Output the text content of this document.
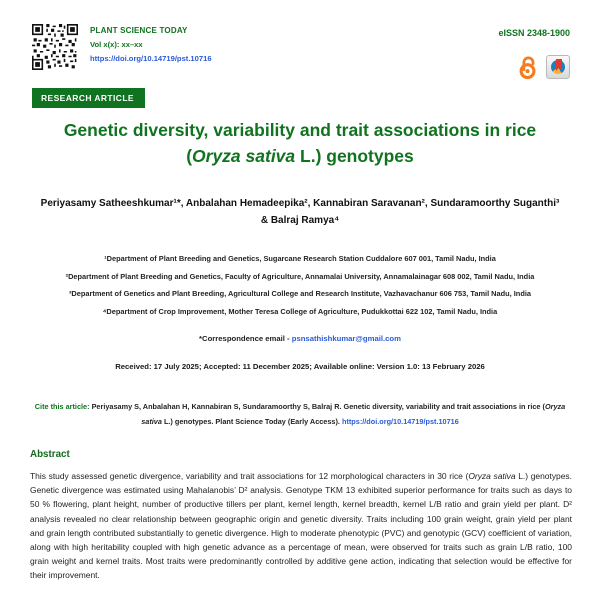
PLANT SCIENCE TODAY
Vol x(x): xx–xx
https://doi.org/10.14719/pst.10716
eISSN 2348-1900
RESEARCH ARTICLE
Genetic diversity, variability and trait associations in rice
(Oryza sativa L.) genotypes
Periyasamy Satheeshkumar¹*, Anbalahan Hemadeepika², Kannabiran Saravanan², Sundaramoorthy Suganthi³ & Balraj Ramya⁴
¹Department of Plant Breeding and Genetics, Sugarcane Research Station Cuddalore 607 001, Tamil Nadu, India
²Department of Plant Breeding and Genetics, Faculty of Agriculture, Annamalai University, Annamalainagar 608 002, Tamil Nadu, India
³Department of Genetics and Plant Breeding, Agricultural College and Research Institute, Vazhavachanur 606 753, Tamil Nadu, India
⁴Department of Crop Improvement, Mother Teresa College of Agriculture, Pudukkottai 622 102, Tamil Nadu, India
*Correspondence email - psnsathishkumar@gmail.com
Received: 17 July 2025; Accepted: 11 December 2025; Available online: Version 1.0: 13 February 2026
Cite this article: Periyasamy S, Anbalahan H, Kannabiran S, Sundaramoorthy S, Balraj R. Genetic diversity, variability and trait associations in rice (Oryza sativa L.) genotypes. Plant Science Today (Early Access). https://doi.org/10.14719/pst.10716
Abstract

This study assessed genetic divergence, variability and trait associations for 12 morphological characters in 30 rice (Oryza sativa L.) genotypes. Genetic divergence was estimated using Mahalanobis’ D² analysis. Genotype TKM 13 exhibited superior performance for traits such as days to 50 % flowering, plant height, number of productive tillers per plant, kernel length, kernel breadth, kernel L/B ratio and grain yield per plant. D² analysis revealed no clear relationship between geographic origin and genetic diversity. Traits including 100 grain weight, grain yield per plant and grain length contributed substantially to genetic divergence. High to moderate phenotypic (PVC) and genotypic (GCV) coefficient of variation, along with high heritability coupled with high genetic advance as a percentage of mean, were observed for traits such as grain L/B ratio, 100 grain weight and kernel traits. Most traits were predominantly controlled by additive gene action, indicating that selection would be effective for their improvement.
